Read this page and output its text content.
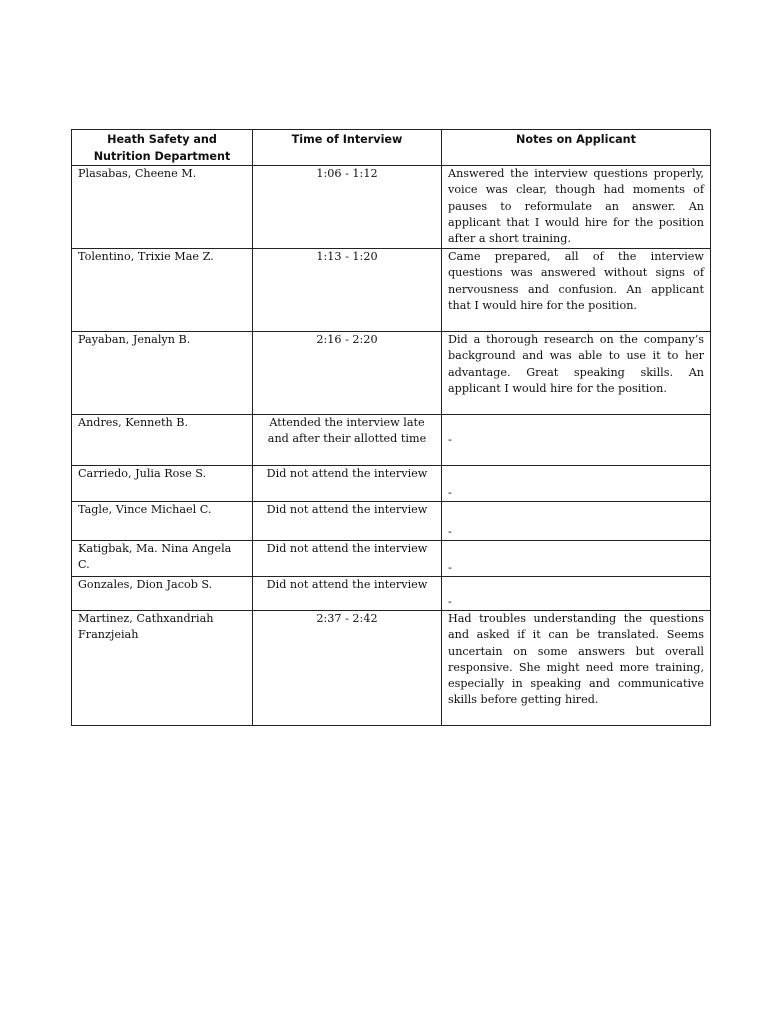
Heath Safety and Nutrition Department	Time of Interview	Notes on Applicant
Plasabas, Cheene M.	1:06 - 1:12	Answered the interview questions properly, voice was clear, though had moments of pauses to reformulate an answer. An applicant that I would hire for the position after a short training.
Tolentino, Trixie Mae Z.	1:13 - 1:20	Came prepared, all of the interview questions was answered without signs of nervousness and confusion. An applicant that I would hire for the position.
Payaban, Jenalyn B.	2:16 - 2:20	Did a thorough research on the company’s background and was able to use it to her advantage. Great speaking skills. An applicant I would hire for the position.
Andres, Kenneth B.	Attended the interview late and after their allotted time	-
Carriedo, Julia Rose S.	Did not attend the interview	-
Tagle, Vince Michael C.	Did not attend the interview	-
Katigbak, Ma. Nina Angela C.	Did not attend the interview	-
Gonzales, Dion Jacob S.	Did not attend the interview	-
Martinez, Cathxandriah Franzjeiah	2:37 - 2:42	Had troubles understanding the questions and asked if it can be translated. Seems uncertain on some answers but overall responsive. She might need more training, especially in speaking and communicative skills before getting hired.
